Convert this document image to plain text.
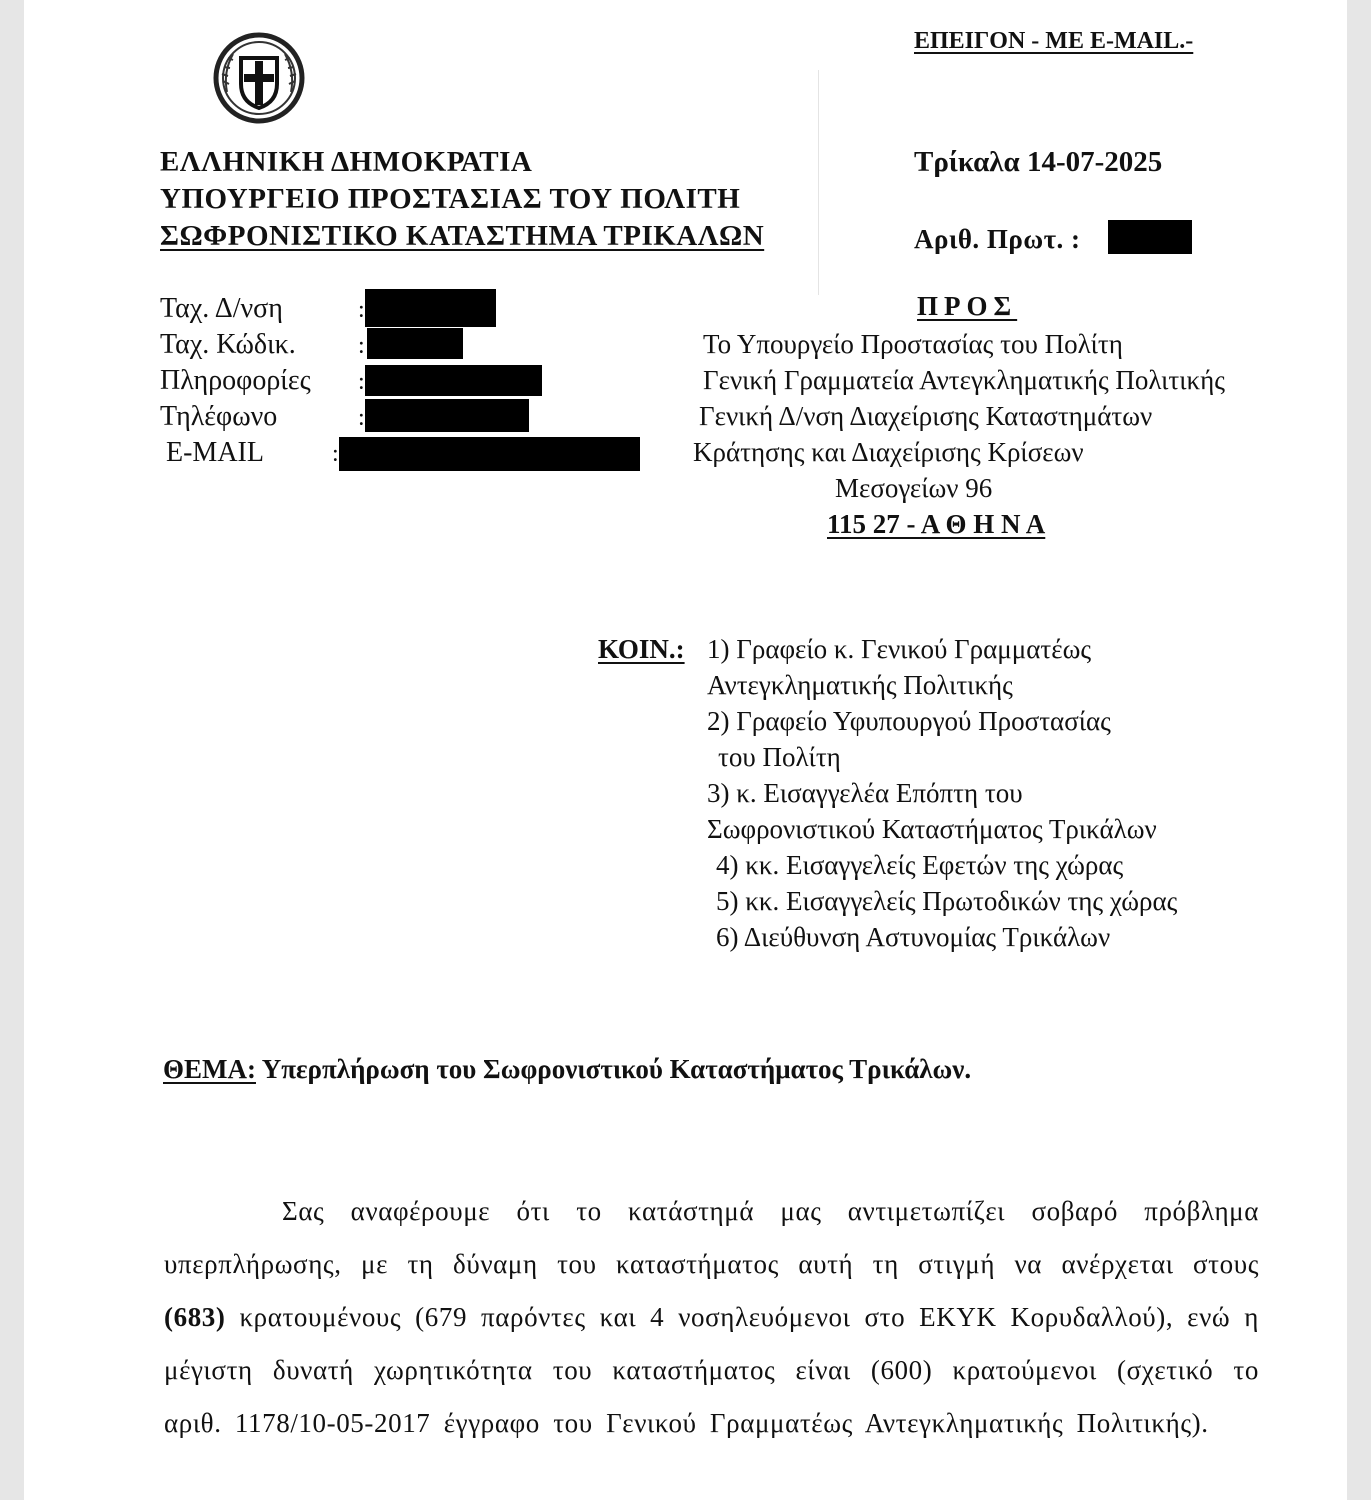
ΕΠΕΙΓΟΝ - ΜΕ E-MAIL.-
ΕΛΛΗΝΙΚΗ ΔΗΜΟΚΡΑΤΙΑ
ΥΠΟΥΡΓΕΙΟ ΠΡΟΣΤΑΣΙΑΣ ΤΟΥ ΠΟΛΙΤΗ
ΣΩΦΡΟΝΙΣΤΙΚΟ ΚΑΤΑΣΤΗΜΑ ΤΡΙΚΑΛΩΝ
Τρίκαλα 14-07-2025
Αριθ. Πρωτ. :
Ταχ. Δ/νση	:
Ταχ. Κώδικ.	:
Πληροφορίες :
Τηλέφωνο	:
E-MAIL	:
ΠΡΟΣ
Το Υπουργείο Προστασίας του Πολίτη
Γενική Γραμματεία Αντεγκληματικής Πολιτικής
Γενική Δ/νση Διαχείρισης Καταστημάτων
Κράτησης και Διαχείρισης Κρίσεων
Μεσογείων 96
115 27 - Α Θ Η Ν Α
ΚΟΙΝ.: 1) Γραφείο κ. Γενικού Γραμματέως
Αντεγκληματικής Πολιτικής
2) Γραφείο Υφυπουργού Προστασίας
του Πολίτη
3) κ. Εισαγγελέα Επόπτη του
Σωφρονιστικού Καταστήματος Τρικάλων
4) κκ. Εισαγγελείς Εφετών της χώρας
5) κκ. Εισαγγελείς Πρωτοδικών της χώρας
6) Διεύθυνση Αστυνομίας Τρικάλων
ΘΕΜΑ: Υπερπλήρωση του Σωφρονιστικού Καταστήματος Τρικάλων.
Σας αναφέρουμε ότι το κατάστημά μας αντιμετωπίζει σοβαρό πρόβλημα υπερπλήρωσης, με τη δύναμη του καταστήματος αυτή τη στιγμή να ανέρχεται στους (683) κρατουμένους (679 παρόντες και 4 νοσηλευόμενοι στο ΕΚΥΚ Κορυδαλλού), ενώ η μέγιστη δυνατή χωρητικότητα του καταστήματος είναι (600) κρατούμενοι (σχετικό το αριθ. 1178/10-05-2017 έγγραφο του Γενικού Γραμματέως Αντεγκληματικής Πολιτικής).
